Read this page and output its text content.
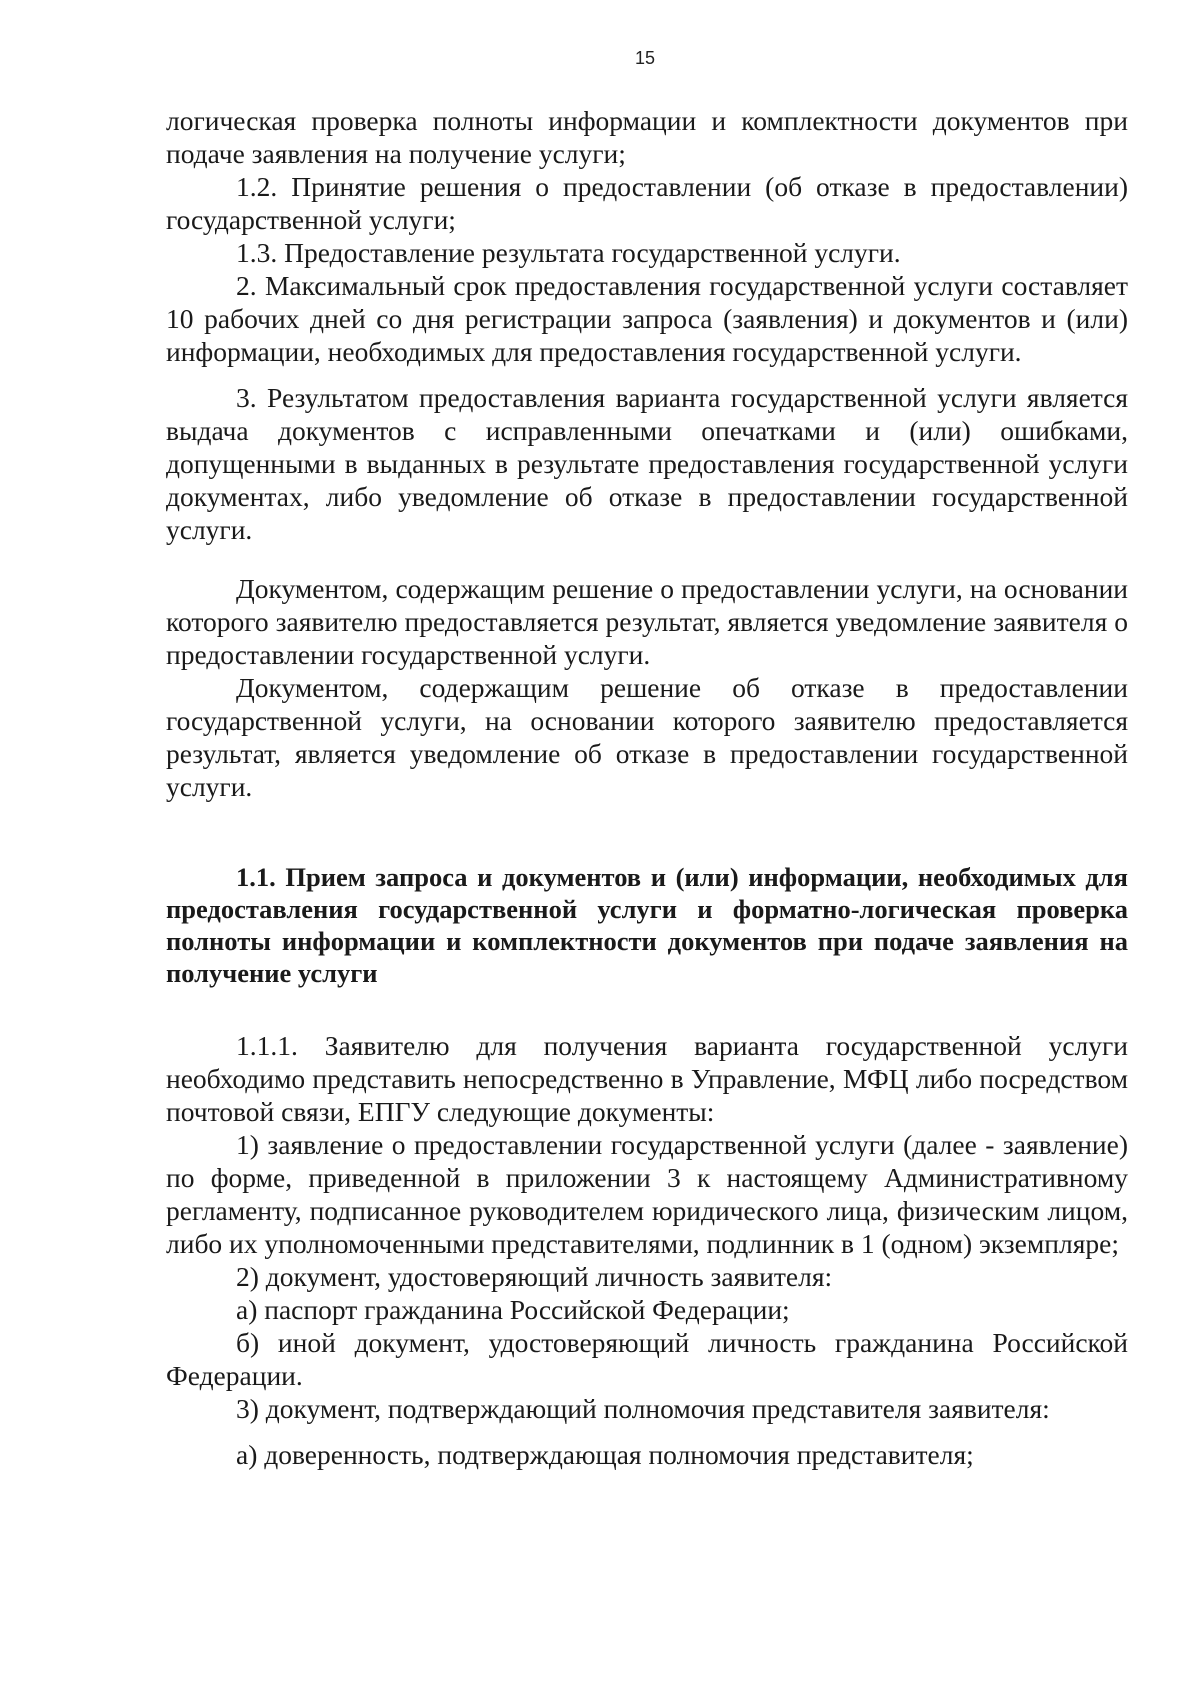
15

логическая проверка полноты информации и комплектности документов при подаче заявления на получение услуги;

1.2. Принятие решения о предоставлении (об отказе в предоставлении) государственной услуги;

1.3. Предоставление результата государственной услуги.

2. Максимальный срок предоставления государственной услуги составляет 10 рабочих дней со дня регистрации запроса (заявления) и документов и (или) информации, необходимых для предоставления государственной услуги.

3. Результатом предоставления варианта государственной услуги является выдача документов с исправленными опечатками и (или) ошибками, допущенными в выданных в результате предоставления государственной услуги документах, либо уведомление об отказе в предоставлении государственной услуги.

Документом, содержащим решение о предоставлении услуги, на основании которого заявителю предоставляется результат, является уведомление заявителя о предоставлении государственной услуги.

Документом, содержащим решение об отказе в предоставлении государственной услуги, на основании которого заявителю предоставляется результат, является уведомление об отказе в предоставлении государственной услуги.

1.1. Прием запроса и документов и (или) информации, необходимых для предоставления государственной услуги и форматно-логическая проверка полноты информации и комплектности документов при подаче заявления на получение услуги

1.1.1. Заявителю для получения варианта государственной услуги необходимо представить непосредственно в Управление, МФЦ либо посредством почтовой связи, ЕПГУ следующие документы:

1) заявление о предоставлении государственной услуги (далее - заявление) по форме, приведенной в приложении 3 к настоящему Административному регламенту, подписанное руководителем юридического лица, физическим лицом, либо их уполномоченными представителями, подлинник в 1 (одном) экземпляре;

2) документ, удостоверяющий личность заявителя:

а) паспорт гражданина Российской Федерации;

б) иной документ, удостоверяющий личность гражданина Российской Федерации.

3) документ, подтверждающий полномочия представителя заявителя:

а) доверенность, подтверждающая полномочия представителя;
